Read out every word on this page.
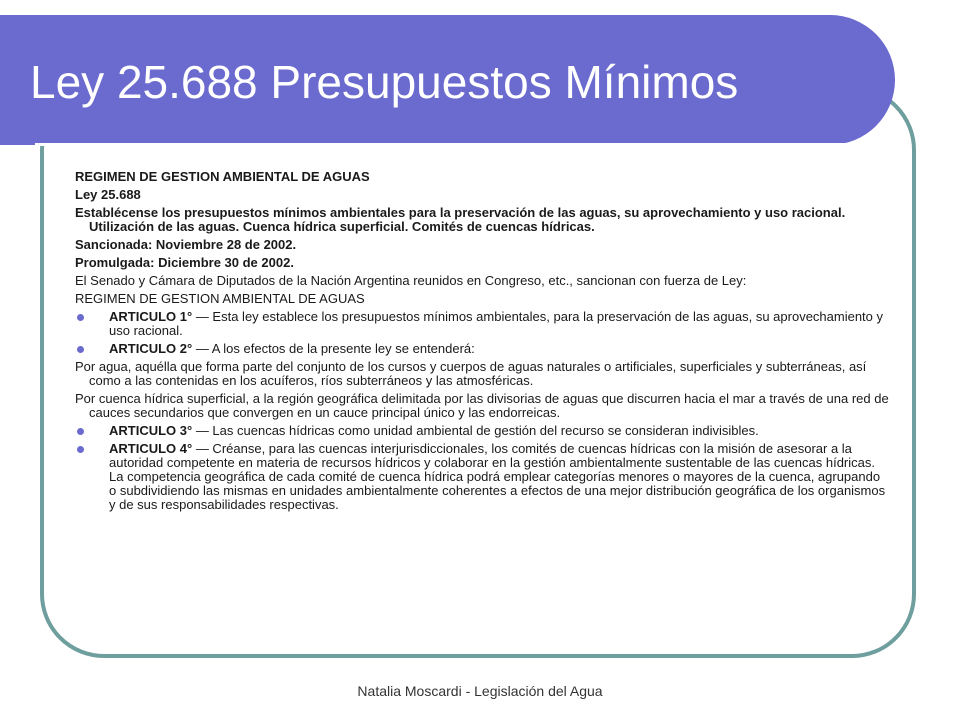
Ley 25.688 Presupuestos Mínimos

REGIMEN DE GESTION AMBIENTAL DE AGUAS

Ley 25.688

Establécense los presupuestos mínimos ambientales para la preservación de las aguas, su aprovechamiento y uso racional. Utilización de las aguas. Cuenca hídrica superficial. Comités de cuencas hídricas.

Sancionada: Noviembre 28 de 2002.

Promulgada: Diciembre 30 de 2002.

El Senado y Cámara de Diputados de la Nación Argentina reunidos en Congreso, etc., sancionan con fuerza de Ley:

REGIMEN DE GESTION AMBIENTAL DE AGUAS

ARTICULO 1° — Esta ley establece los presupuestos mínimos ambientales, para la preservación de las aguas, su aprovechamiento y uso racional.
ARTICULO 2° — A los efectos de la presente ley se entenderá:

Por agua, aquélla que forma parte del conjunto de los cursos y cuerpos de aguas naturales o artificiales, superficiales y subterráneas, así como a las contenidas en los acuíferos, ríos subterráneos y las atmosféricas.

Por cuenca hídrica superficial, a la región geográfica delimitada por las divisorias de aguas que discurren hacia el mar a través de una red de cauces secundarios que convergen en un cauce principal único y las endorreicas.

ARTICULO 3° — Las cuencas hídricas como unidad ambiental de gestión del recurso se consideran indivisibles.
ARTICULO 4° — Créanse, para las cuencas interjurisdiccionales, los comités de cuencas hídricas con la misión de asesorar a la autoridad competente en materia de recursos hídricos y colaborar en la gestión ambientalmente sustentable de las cuencas hídricas. La competencia geográfica de cada comité de cuenca hídrica podrá emplear categorías menores o mayores de la cuenca, agrupando o subdividiendo las mismas en unidades ambientalmente coherentes a efectos de una mejor distribución geográfica de los organismos y de sus responsabilidades respectivas.
Natalia Moscardi - Legislación del Agua
